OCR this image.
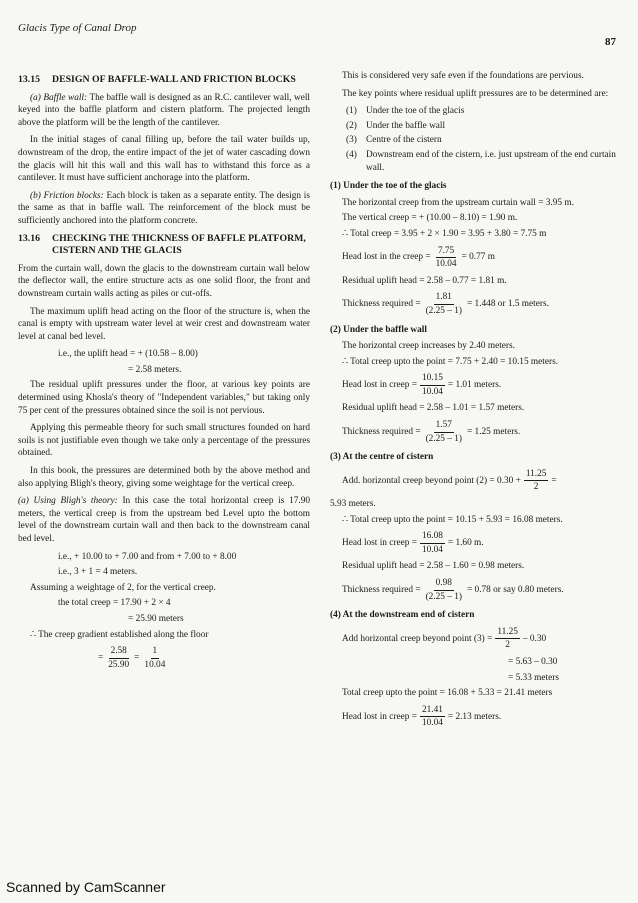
Glacis Type of Canal Drop
87
13.15	DESIGN OF BAFFLE-WALL AND FRICTION BLOCKS

(a) Baffle wall: The baffle wall is designed as an R.C. cantilever wall, well keyed into the baffle platform and cistern platform. The projected length above the platform will be the length of the cantilever.

In the initial stages of canal filling up, before the tail water builds up, downstream of the drop, the entire impact of the jet of water cascading down the glacis will hit this wall and this wall has to withstand this force as a cantilever. It must have sufficient anchorage into the platform.

(b) Friction blocks: Each block is taken as a separate entity. The design is the same as that in baffle wall. The reinforcement of the block must be sufficiently anchored into the platform concrete.

13.16	CHECKING THE THICKNESS OF BAFFLE PLATFORM, CISTERN AND THE GLACIS

From the curtain wall, down the glacis to the downstream curtain wall below the deflector wall, the entire structure acts as one solid floor, the front and downstream curtain walls acting as piles or cut-offs.

The maximum uplift head acting on the floor of the structure is, when the canal is empty with upstream water level at weir crest and downstream water level at canal bed level.

i.e., the uplift head = + (10.58 – 8.00)
= 2.58 meters.

The residual uplift pressures under the floor, at various key points are determined using Khosla's theory of "Independent variables," but taking only 75 per cent of the pressures obtained since the soil is not pervious.

Applying this permeable theory for such small structures founded on hard soils is not justifiable even though we take only a percentage of the pressures obtained.

In this book, the pressures are determined both by the above method and also applying Bligh's theory, giving some weightage for the vertical creep.

(a) Using Bligh's theory: In this case the total horizontal creep is 17.90 meters, the vertical creep is from the upstream bed Level upto the bottom level of the downstream curtain wall and then back to the downstream canal bed level.

i.e., + 10.00 to + 7.00 and from + 7.00 to + 8.00
i.e., 3 + 1 = 4 meters.
Assuming a weightage of 2, for the vertical creep.
the total creep = 17.90 + 2 × 4
= 25.90 meters
∴ The creep gradient established along the floor
= $\frac{2.58}{25.90} = \frac{1}{10.04}$

This is considered very safe even if the foundations are pervious.

The key points where residual uplift pressures are to be determined are:

(1) Under the toe of the glacis
(2) Under the baffle wall
(3) Centre of the cistern
(4) Downstream end of the cistern, i.e. just upstream of the end curtain wall.
(1) Under the toe of the glacis
The horizontal creep from the upstream curtain wall = 3.95 m.
The vertical creep = + (10.00 – 8.10) = 1.90 m.
∴ Total creep = 3.95 + 2 × 1.90 = 3.95 + 3.80 = 7.75 m
Head lost in the creep = $\frac{7.75}{10.04} = 0.77$ m
Residual uplift head = 2.58 – 0.77 = 1.81 m.
Thickness required = $\frac{1.81}{(2.25 - 1)} = 1.448$ or 1.5 meters.
(2) Under the baffle wall
The horizontal creep increases by 2.40 meters.
∴ Total creep upto the point = 7.75 + 2.40 = 10.15 meters.
Head lost in creep = $\frac{10.15}{10.04} = 1.01$ meters.
Residual uplift head = 2.58 – 1.01 = 1.57 meters.
Thickness required = $\frac{1.57}{(2.25 - 1)} = 1.25$ meters.
(3) At the centre of cistern
Add. horizontal creep beyond point $(2) = 0.30 + \frac{11.25}{2}$ =
5.93 meters.
∴ Total creep upto the point = 10.15 + 5.93 = 16.08 meters.
Head lost in creep = $\frac{16.08}{10.04} = 1.60$ m.
Residual uplift head = 2.58 – 1.60 = 0.98 meters.
Thickness required = $\frac{0.98}{(2.25 - 1)} = 0.78$ or say 0.80 meters.
(4) At the downstream end of cistern
Add horizontal creep beyond point $(3) = \frac{11.25}{2} - 0.30$
= 5.63 – 0.30
= 5.33 meters
Total creep upto the point = 16.08 + 5.33 = 21.41 meters
Head lost in creep = $\frac{21.41}{10.04} = 2.13$ meters.
Scanned by CamScanner
